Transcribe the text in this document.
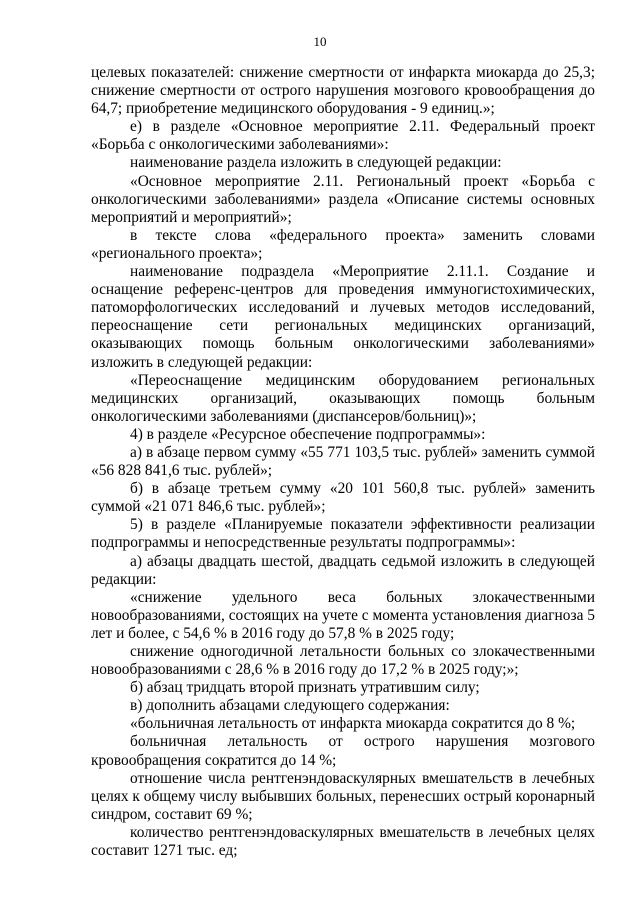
10

целевых показателей: снижение смертности от инфаркта миокарда до 25,3; снижение смертности от острого нарушения мозгового кровообращения до 64,7; приобретение медицинского оборудования - 9 единиц.»;

е) в разделе «Основное мероприятие 2.11. Федеральный проект «Борьба с онкологическими заболеваниями»:

наименование раздела изложить в следующей редакции:

«Основное мероприятие 2.11. Региональный проект «Борьба с онкологическими заболеваниями» раздела «Описание системы основных мероприятий и мероприятий»;

в тексте слова «федерального проекта» заменить словами «регионального проекта»;

наименование подраздела «Мероприятие 2.11.1. Создание и оснащение референс-центров для проведения иммуногистохимических, патоморфологических исследований и лучевых методов исследований, переоснащение сети региональных медицинских организаций, оказывающих помощь больным онкологическими заболеваниями» изложить в следующей редакции:

«Переоснащение медицинским оборудованием региональных медицинских организаций, оказывающих помощь больным онкологическими заболеваниями (диспансеров/больниц)»;

4) в разделе «Ресурсное обеспечение подпрограммы»:

а) в абзаце первом сумму «55 771 103,5 тыс. рублей» заменить суммой «56 828 841,6 тыс. рублей»;

б) в абзаце третьем сумму «20 101 560,8 тыс. рублей» заменить суммой «21 071 846,6 тыс. рублей»;

5) в разделе «Планируемые показатели эффективности реализации подпрограммы и непосредственные результаты подпрограммы»:

а) абзацы двадцать шестой, двадцать седьмой изложить в следующей редакции:

«снижение удельного веса больных злокачественными новообразованиями, состоящих на учете с момента установления диагноза 5 лет и более, с 54,6 % в 2016 году до 57,8 % в 2025 году;

снижение одногодичной летальности больных со злокачественными новообразованиями с 28,6 % в 2016 году до 17,2 % в 2025 году;»;

б) абзац тридцать второй признать утратившим силу;

в) дополнить абзацами следующего содержания:

«больничная летальность от инфаркта миокарда сократится до 8 %;

больничная летальность от острого нарушения мозгового кровообращения сократится до 14 %;

отношение числа рентгенэндоваскулярных вмешательств в лечебных целях к общему числу выбывших больных, перенесших острый коронарный синдром, составит 69 %;

количество рентгенэндоваскулярных вмешательств в лечебных целях составит 1271 тыс. ед;
